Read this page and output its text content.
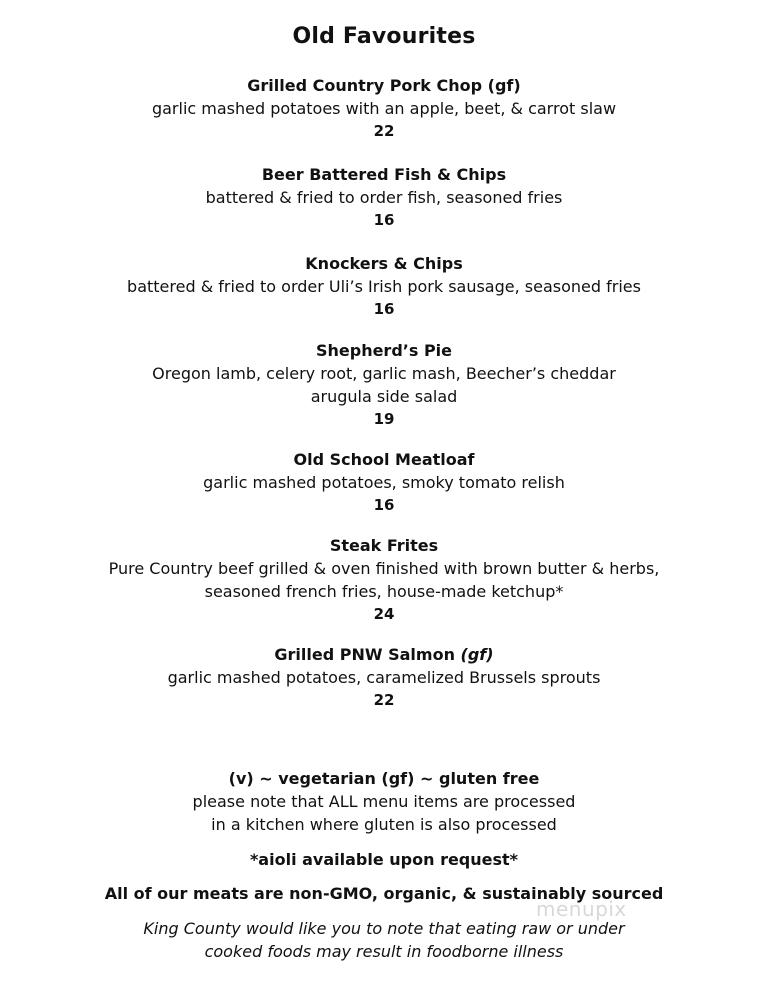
Old Favourites
Grilled Country Pork Chop (gf)
garlic mashed potatoes with an apple, beet, & carrot slaw
22
Beer Battered Fish & Chips
battered & fried to order fish, seasoned fries
16
Knockers & Chips
battered & fried to order Uli’s Irish pork sausage, seasoned fries
16
Shepherd’s Pie
Oregon lamb, celery root, garlic mash, Beecher’s cheddar
arugula side salad
19
Old School Meatloaf
garlic mashed potatoes, smoky tomato relish
16
Steak Frites
Pure Country beef grilled & oven finished with brown butter & herbs,
seasoned french fries, house-made ketchup*
24
Grilled PNW Salmon (gf)
garlic mashed potatoes, caramelized Brussels sprouts
22
(v) ~ vegetarian (gf) ~ gluten free
please note that ALL menu items are processed
in a kitchen where gluten is also processed
*aioli available upon request*
All of our meats are non-GMO, organic, & sustainably sourced
King County would like you to note that eating raw or under
cooked foods may result in foodborne illness
menupix
